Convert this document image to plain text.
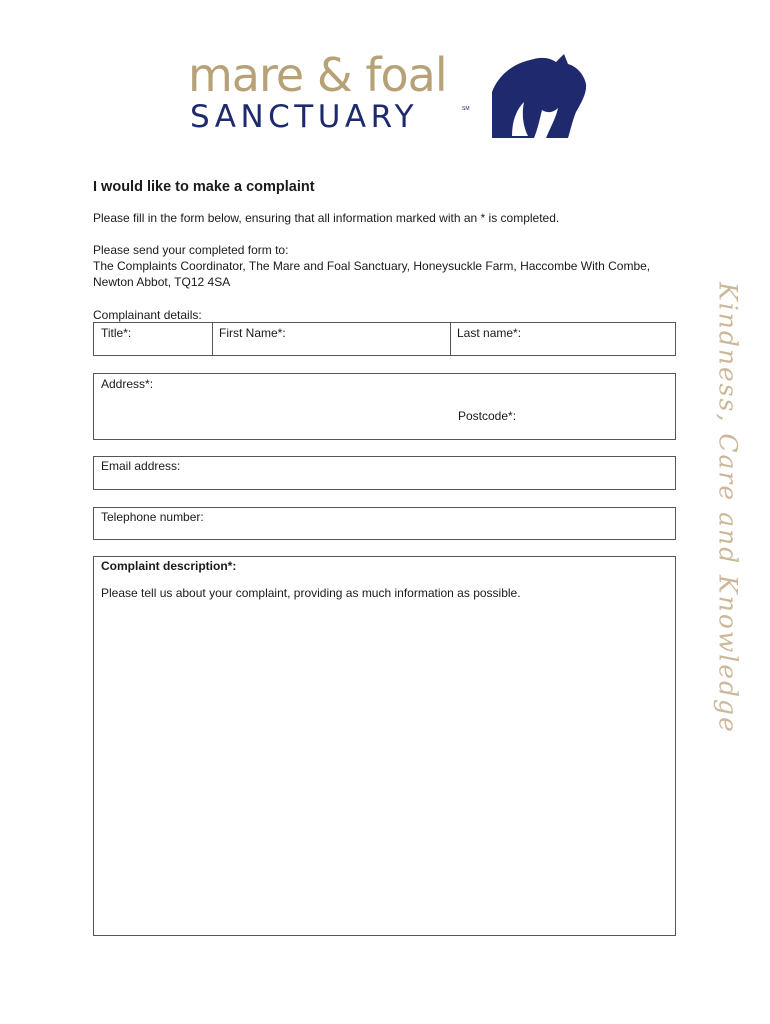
mare & foal
SANCTUARY	SM
I would like to make a complaint
Please fill in the form below, ensuring that all information marked with an * is completed.
Please send your completed form to:
The Complaints Coordinator, The Mare and Foal Sanctuary, Honeysuckle Farm, Haccombe With Combe, Newton Abbot, TQ12 4SA
Complainant details:
Title*:	First Name*:	Last name*:
Address*:
Postcode*:
Email address:
Telephone number:
Complaint description*:
Please tell us about your complaint, providing as much information as possible.	Kindness, Care and Knowledge
